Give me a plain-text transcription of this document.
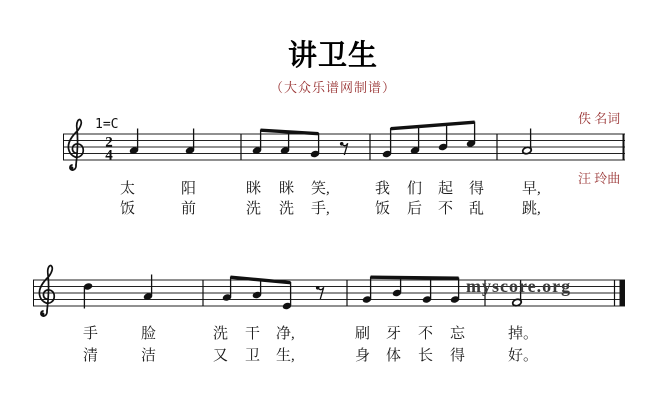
讲卫生
（大众乐谱网制谱）

佚 名词

汪 玲曲

1=C
2
4
myscore.org
太	阳	眯 眯 笑,	我 们 起 得	早,
饭	前	洗 洗 手,	饭 后 不 乱	跳,
手	脸	洗 干 净,	刷 牙 不 忘	掉。
清	洁	又 卫 生,	身 体 长 得	好。
